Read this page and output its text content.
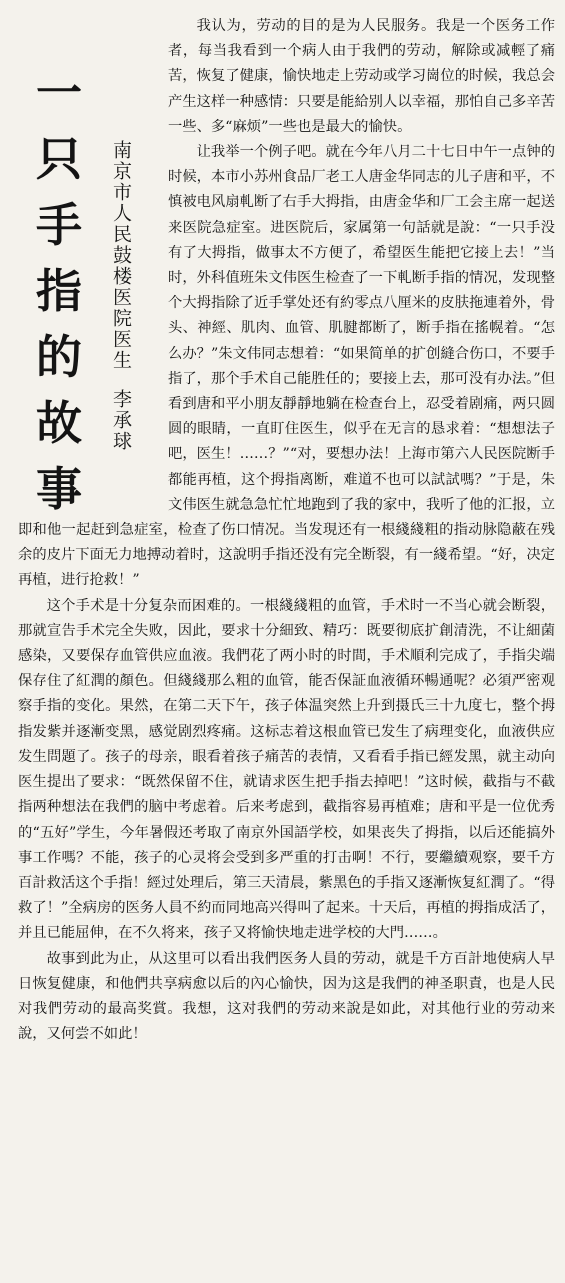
一
只
手
指
的
故
事
南京市人民鼓楼医院医生李承球

我认为，劳动的目的是为人民服务。我是一个医务工作者，每当我看到一个病人由于我們的劳动，解除或减輕了痛苦，恢复了健康，愉快地走上劳动或学习崗位的时候，我总会产生这样一种感情：只要是能給别人以幸福，那怕自己多辛苦一些、多“麻烦”一些也是最大的愉快。

让我举一个例子吧。就在今年八月二十七日中午一点钟的时候，本市小苏州食品厂老工人唐金华同志的儿子唐和平，不慎被电风扇軋断了右手大拇指，由唐金华和厂工会主席一起送来医院急症室。进医院后，家属第一句話就是說：“一只手没有了大拇指，做事太不方便了，希望医生能把它接上去！”当时，外科值班朱文伟医生检查了一下軋断手指的情况，发现整个大拇指除了近手掌处还有約零点八厘米的皮肤拖連着外，骨头、神經、肌肉、血管、肌腱都断了，断手指在搖幌着。“怎么办？”朱文伟同志想着：“如果简单的扩创縫合伤口，不要手指了，那个手术自己能胜任的；要接上去，那可没有办法。”但看到唐和平小朋友靜靜地躺在检查台上，忍受着剧痛，两只圆圆的眼睛，一直盯住医生，似乎在无言的恳求着：“想想法子吧，医生！……？”“对，要想办法！上海市第六人民医院断手都能再植，这个拇指离断，难道不也可以試試嗎？”于是，朱文伟医生就急急忙忙地跑到了我的家中，我听了他的汇报，立即和他一起赶到急症室，检查了伤口情况。当发現还有一根綫綫粗的指动脉隐蔽在残余的皮片下面无力地搏动着时，这說明手指还没有完全断裂，有一綫希望。“好，决定再植，进行抢救！”

这个手术是十分复杂而困难的。一根綫綫粗的血管，手术时一不当心就会断裂，那就宣告手术完全失败，因此，要求十分細致、精巧：既要彻底扩創清洗，不让細菌感染，又要保存血管供应血液。我們花了两小时的时間，手术順利完成了，手指尖端保存住了紅潤的顏色。但綫綫那么粗的血管，能否保証血液循环暢通呢？必須严密观察手指的变化。果然，在第二天下午，孩子体温突然上升到摄氏三十九度七，整个拇指发紫并逐漸变黑，感觉剧烈疼痛。这标志着这根血管已发生了病理变化，血液供应发生問題了。孩子的母亲，眼看着孩子痛苦的表情，又看看手指已經发黑，就主动向医生提出了要求：“既然保留不住，就请求医生把手指去掉吧！”这时候，截指与不截指两种想法在我們的脑中考虑着。后来考虑到，截指容易再植难；唐和平是一位优秀的“五好”学生，今年暑假还考取了南京外国語学校，如果丧失了拇指，以后还能搞外事工作嗎？不能，孩子的心灵将会受到多严重的打击啊！不行，要繼續观察，要千方百計救活这个手指！經过处理后，第三天清晨，紫黑色的手指又逐漸恢复紅潤了。“得救了！”全病房的医务人員不約而同地高兴得叫了起来。十天后，再植的拇指成活了，并且已能屈伸，在不久将来，孩子又将愉快地走进学校的大門……。

故事到此为止，从这里可以看出我們医务人員的劳动，就是千方百計地使病人早日恢复健康，和他們共享病愈以后的內心愉快，因为这是我們的神圣职責，也是人民对我們劳动的最高奖賞。我想，这对我們的劳动来說是如此，对其他行业的劳动来說，又何尝不如此！
